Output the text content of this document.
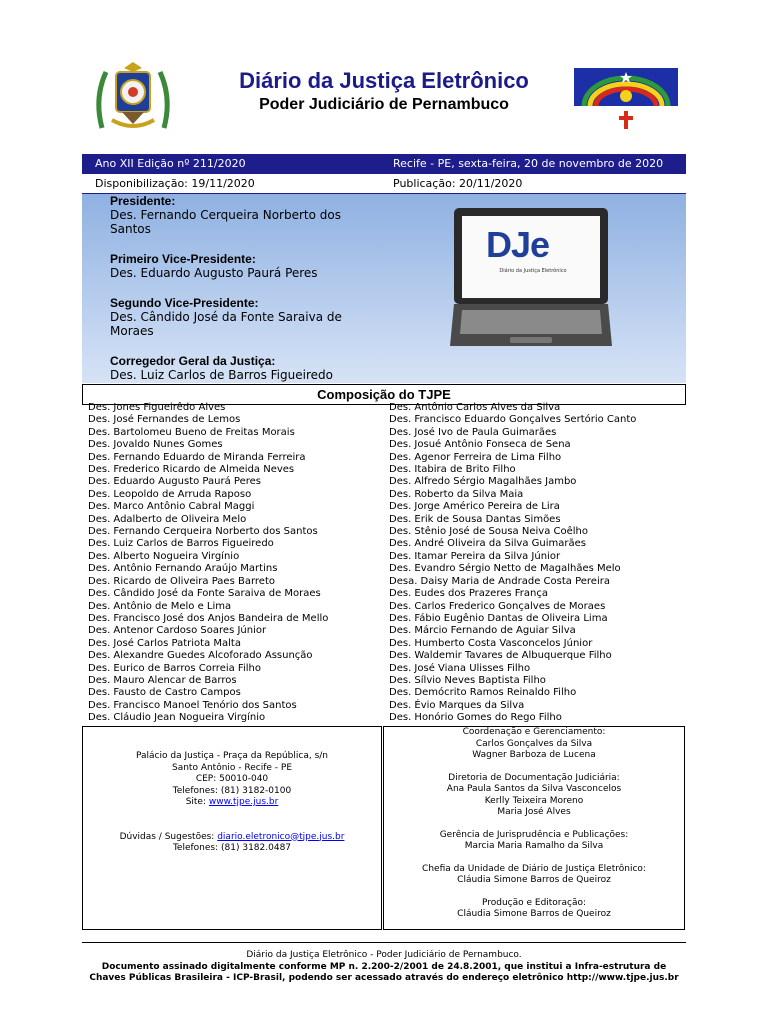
Diário da Justiça Eletrônico
Poder Judiciário de Pernambuco
Ano XII Edição nº 211/2020	Recife - PE, sexta-feira, 20 de novembro de 2020
Disponibilização: 19/11/2020	Publicação: 20/11/2020
Presidente:
Des. Fernando Cerqueira Norberto dos Santos
Primeiro Vice-Presidente:
Des. Eduardo Augusto Paurá Peres
Segundo Vice-Presidente:
Des. Cândido José da Fonte Saraiva de Moraes
Corregedor Geral da Justiça:
Des. Luiz Carlos de Barros Figueiredo
DJe
Diário da Justiça Eletrônico
Composição do TJPE
Des. Jones Figueirêdo Alves
Des. José Fernandes de Lemos
Des. Bartolomeu Bueno de Freitas Morais
Des. Jovaldo Nunes Gomes
Des. Fernando Eduardo de Miranda Ferreira
Des. Frederico Ricardo de Almeida Neves
Des. Eduardo Augusto Paurá Peres
Des. Leopoldo de Arruda Raposo
Des. Marco Antônio Cabral Maggi
Des. Adalberto de Oliveira Melo
Des. Fernando Cerqueira Norberto dos Santos
Des. Luiz Carlos de Barros Figueiredo
Des. Alberto Nogueira Virgínio
Des. Antônio Fernando Araújo Martins
Des. Ricardo de Oliveira Paes Barreto
Des. Cândido José da Fonte Saraiva de Moraes
Des. Antônio de Melo e Lima
Des. Francisco José dos Anjos Bandeira de Mello
Des. Antenor Cardoso Soares Júnior
Des. José Carlos Patriota Malta
Des. Alexandre Guedes Alcoforado Assunção
Des. Eurico de Barros Correia Filho
Des. Mauro Alencar de Barros
Des. Fausto de Castro Campos
Des. Francisco Manoel Tenório dos Santos
Des. Cláudio Jean Nogueira Virgínio
Des. Antônio Carlos Alves da Silva
Des. Francisco Eduardo Gonçalves Sertório Canto
Des. José Ivo de Paula Guimarães
Des. Josué Antônio Fonseca de Sena
Des. Agenor Ferreira de Lima Filho
Des. Itabira de Brito Filho
Des. Alfredo Sérgio Magalhães Jambo
Des. Roberto da Silva Maia
Des. Jorge Américo Pereira de Lira
Des. Erik de Sousa Dantas Simões
Des. Stênio José de Sousa Neiva Coêlho
Des. André Oliveira da Silva Guimarães
Des. Itamar Pereira da Silva Júnior
Des. Evandro Sérgio Netto de Magalhães Melo
Desa. Daisy Maria de Andrade Costa Pereira
Des. Eudes dos Prazeres França
Des. Carlos Frederico Gonçalves de Moraes
Des. Fábio Eugênio Dantas de Oliveira Lima
Des. Márcio Fernando de Aguiar Silva
Des. Humberto Costa Vasconcelos Júnior
Des. Waldemir Tavares de Albuquerque Filho
Des. José Viana Ulisses Filho
Des. Sílvio Neves Baptista Filho
Des. Demócrito Ramos Reinaldo Filho
Des. Évio Marques da Silva
Des. Honório Gomes do Rego Filho
Palácio da Justiça - Praça da República, s/n
Santo Antônio - Recife - PE
CEP: 50010-040
Telefones: (81) 3182-0100
Site: www.tjpe.jus.br
Dúvidas / Sugestões: diario.eletronico@tjpe.jus.br
Telefones: (81) 3182.0487
Coordenação e Gerenciamento:
Carlos Gonçalves da Silva
Wagner Barboza de Lucena
Diretoria de Documentação Judiciária:
Ana Paula Santos da Silva Vasconcelos
Kerlly Teixeira Moreno
Maria José Alves
Gerência de Jurisprudência e Publicações:
Marcia Maria Ramalho da Silva
Chefia da Unidade de Diário de Justiça Eletrônico:
Cláudia Simone Barros de Queiroz
Produção e Editoração:
Cláudia Simone Barros de Queiroz
Diário da Justiça Eletrônico - Poder Judiciário de Pernambuco.
Documento assinado digitalmente conforme MP n. 2.200-2/2001 de 24.8.2001, que institui a Infra-estrutura de
Chaves Públicas Brasileira - ICP-Brasil, podendo ser acessado através do endereço eletrônico http://www.tjpe.jus.br
